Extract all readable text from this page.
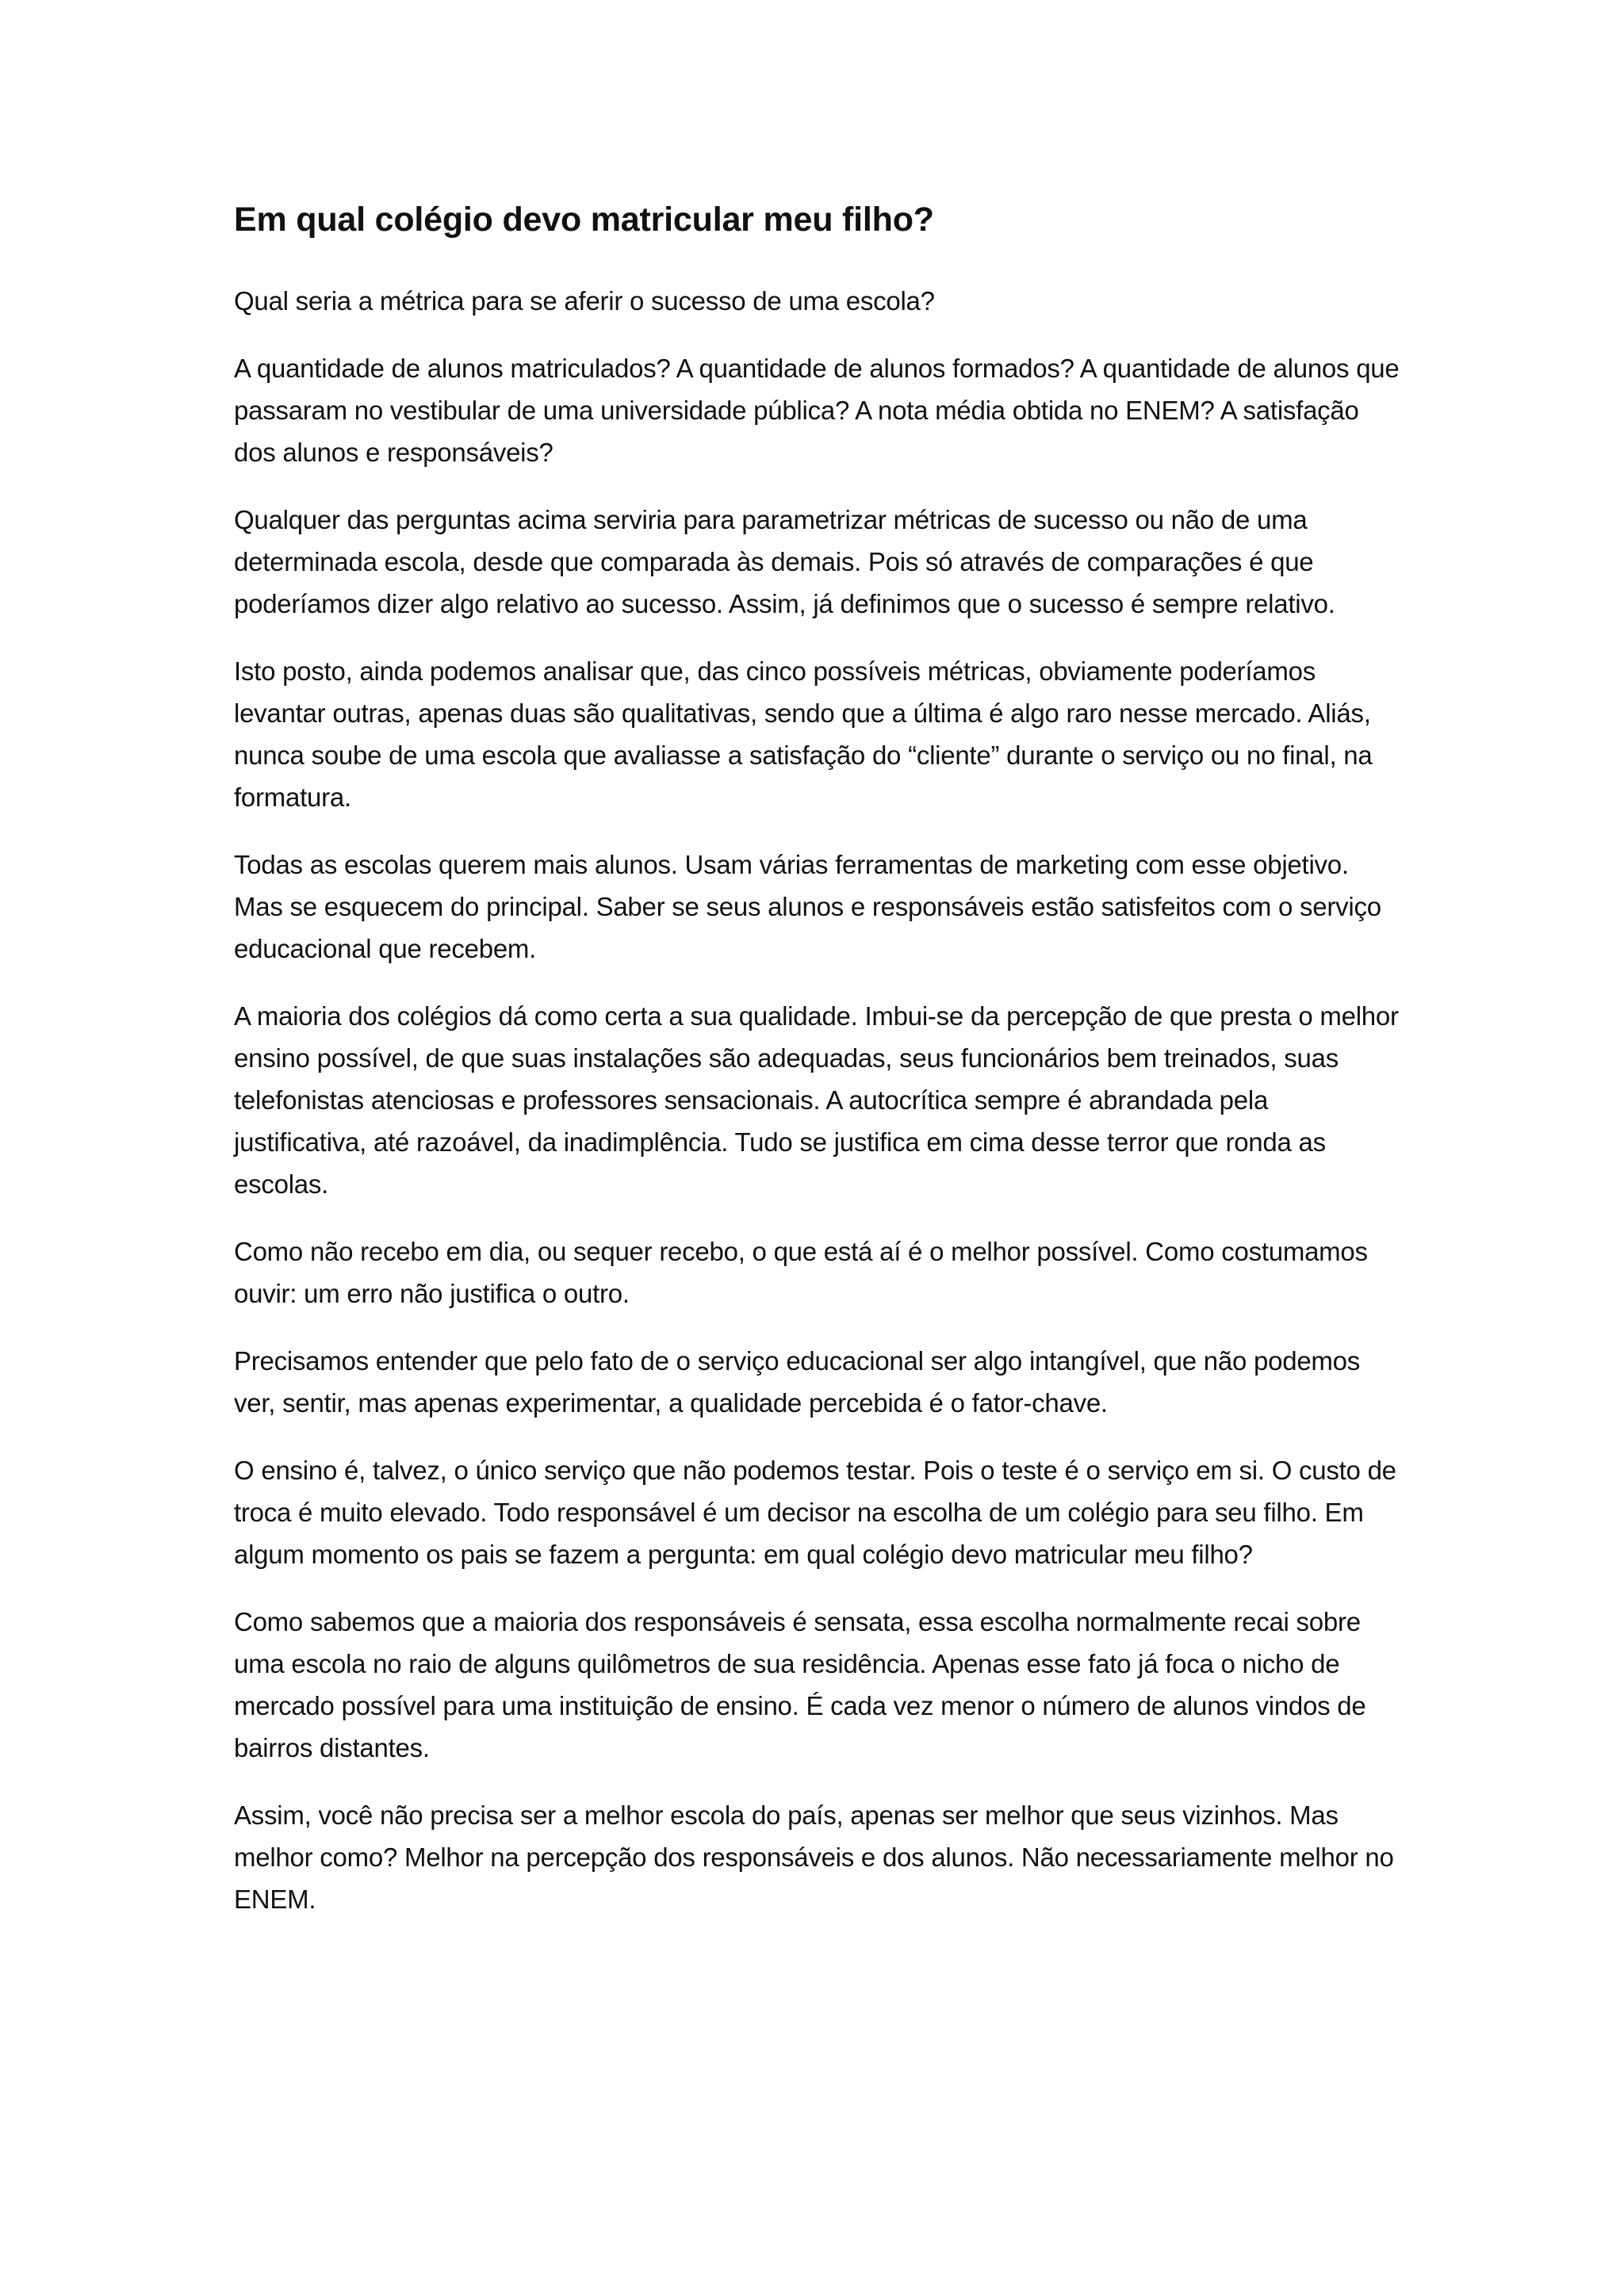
Em qual colégio devo matricular meu filho?

Qual seria a métrica para se aferir o sucesso de uma escola?

A quantidade de alunos matriculados? A quantidade de alunos formados? A quantidade de alunos que passaram no vestibular de uma universidade pública? A nota média obtida no ENEM? A satisfação dos alunos e responsáveis?

Qualquer das perguntas acima serviria para parametrizar métricas de sucesso ou não de uma determinada escola, desde que comparada às demais. Pois só através de comparações é que poderíamos dizer algo relativo ao sucesso. Assim, já definimos que o sucesso é sempre relativo.

Isto posto, ainda podemos analisar que, das cinco possíveis métricas, obviamente poderíamos levantar outras, apenas duas são qualitativas, sendo que a última é algo raro nesse mercado. Aliás, nunca soube de uma escola que avaliasse a satisfação do “cliente” durante o serviço ou no final, na formatura.

Todas as escolas querem mais alunos. Usam várias ferramentas de marketing com esse objetivo. Mas se esquecem do principal. Saber se seus alunos e responsáveis estão satisfeitos com o serviço educacional que recebem.

A maioria dos colégios dá como certa a sua qualidade. Imbui-se da percepção de que presta o melhor ensino possível, de que suas instalações são adequadas, seus funcionários bem treinados, suas telefonistas atenciosas e professores sensacionais. A autocrítica sempre é abrandada pela justificativa, até razoável, da inadimplência. Tudo se justifica em cima desse terror que ronda as escolas.

Como não recebo em dia, ou sequer recebo, o que está aí é o melhor possível. Como costumamos ouvir: um erro não justifica o outro.

Precisamos entender que pelo fato de o serviço educacional ser algo intangível, que não podemos ver, sentir, mas apenas experimentar, a qualidade percebida é o fator-chave.

O ensino é, talvez, o único serviço que não podemos testar. Pois o teste é o serviço em si. O custo de troca é muito elevado. Todo responsável é um decisor na escolha de um colégio para seu filho. Em algum momento os pais se fazem a pergunta: em qual colégio devo matricular meu filho?

Como sabemos que a maioria dos responsáveis é sensata, essa escolha normalmente recai sobre uma escola no raio de alguns quilômetros de sua residência. Apenas esse fato já foca o nicho de mercado possível para uma instituição de ensino. É cada vez menor o número de alunos vindos de bairros distantes.

Assim, você não precisa ser a melhor escola do país, apenas ser melhor que seus vizinhos. Mas melhor como? Melhor na percepção dos responsáveis e dos alunos. Não necessariamente melhor no ENEM.
